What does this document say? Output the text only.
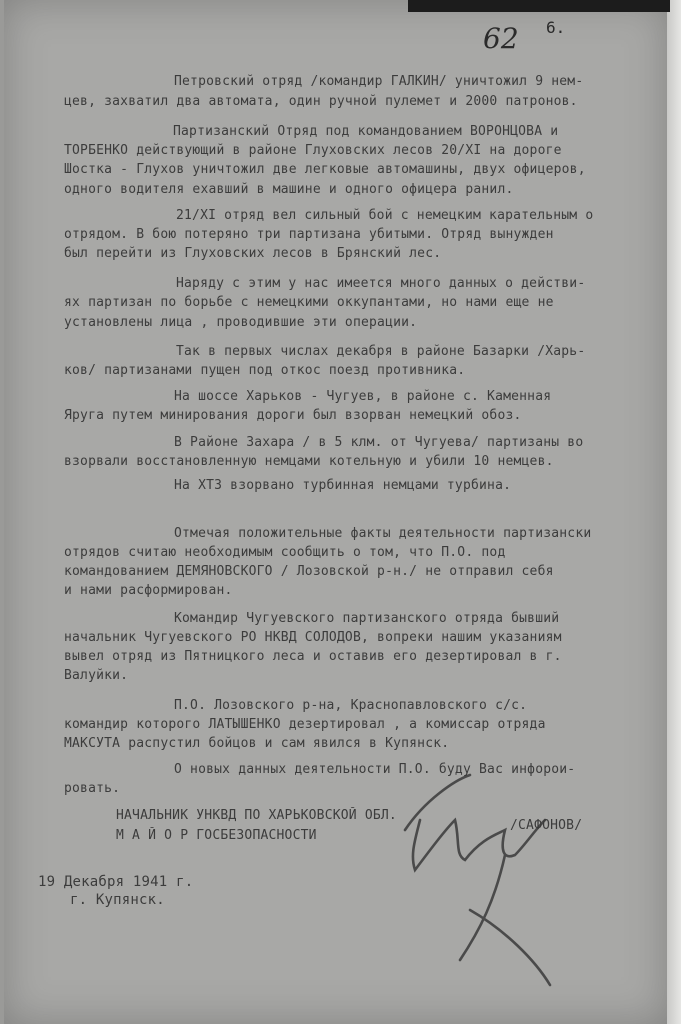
62 6.
Петровский отряд /командир ГАЛКИН/ уничтожил 9 нем-
цев, захватил два автомата, один ручной пулемет и 2000 патронов.
Партизанский Отряд под командованием ВОРОНЦОВА и
ТОРБЕНКО действующий в районе Глуховских лесов 20/XI на дороге
Шостка - Глухов уничтожил две легковые автомашины, двух офицеров,
одного водителя ехавший в машине и одного офицера ранил.
21/XI отряд вел сильный бой с немецким карательным о
отрядом. В бою потеряно три партизана убитыми. Отряд вынужден
был перейти из Глуховских лесов в Брянский лес.
Наряду с этим у нас имеется много данных о действи-
ях партизан по борьбе с немецкими оккупантами, но нами еще не
установлены лица , проводившие эти операции.
Так в первых числах декабря в районе Базарки /Харь-
ков/ партизанами пущен под откос поезд противника.
На шоссе Харьков - Чугуев, в районе с. Каменная
Яруга путем минирования дороги был взорван немецкий обоз.
В Районе Захара / в 5 клм. от Чугуева/ партизаны во
взорвали восстановленную немцами котельную и убили 10 немцев.
На ХТЗ взорвано турбинная немцами турбина.
Отмечая положительные факты деятельности партизански
отрядов считаю необходимым сообщить о том, что П.О. под
командованием ДЕМЯНОВСКОГО / Лозовской р-н./ не отправил себя
и нами расформирован.
Командир Чугуевского партизанского отряда бывший
начальник Чугуевского РО НКВД СОЛОДОВ, вопреки нашим указаниям
вывел отряд из Пятницкого леса и оставив его дезертировал в г.
Валуйки.
П.О. Лозовского р-на, Краснопавловского с/с.
командир которого ЛАТЫШЕНКО дезертировал , а комиссар отряда
МАКСУТА распустил бойцов и сам явился в Купянск.
О новых данных деятельности П.О. буду Вас инфорои-
ровать.
НАЧАЛЬНИК УНКВД ПО ХАРЬКОВСКОЙ ОБЛ.
М А Й О Р ГОСБЕЗОПАСНОСТИ
/САФОНОВ/
19 Декабря 1941 г.
г. Купянск.
